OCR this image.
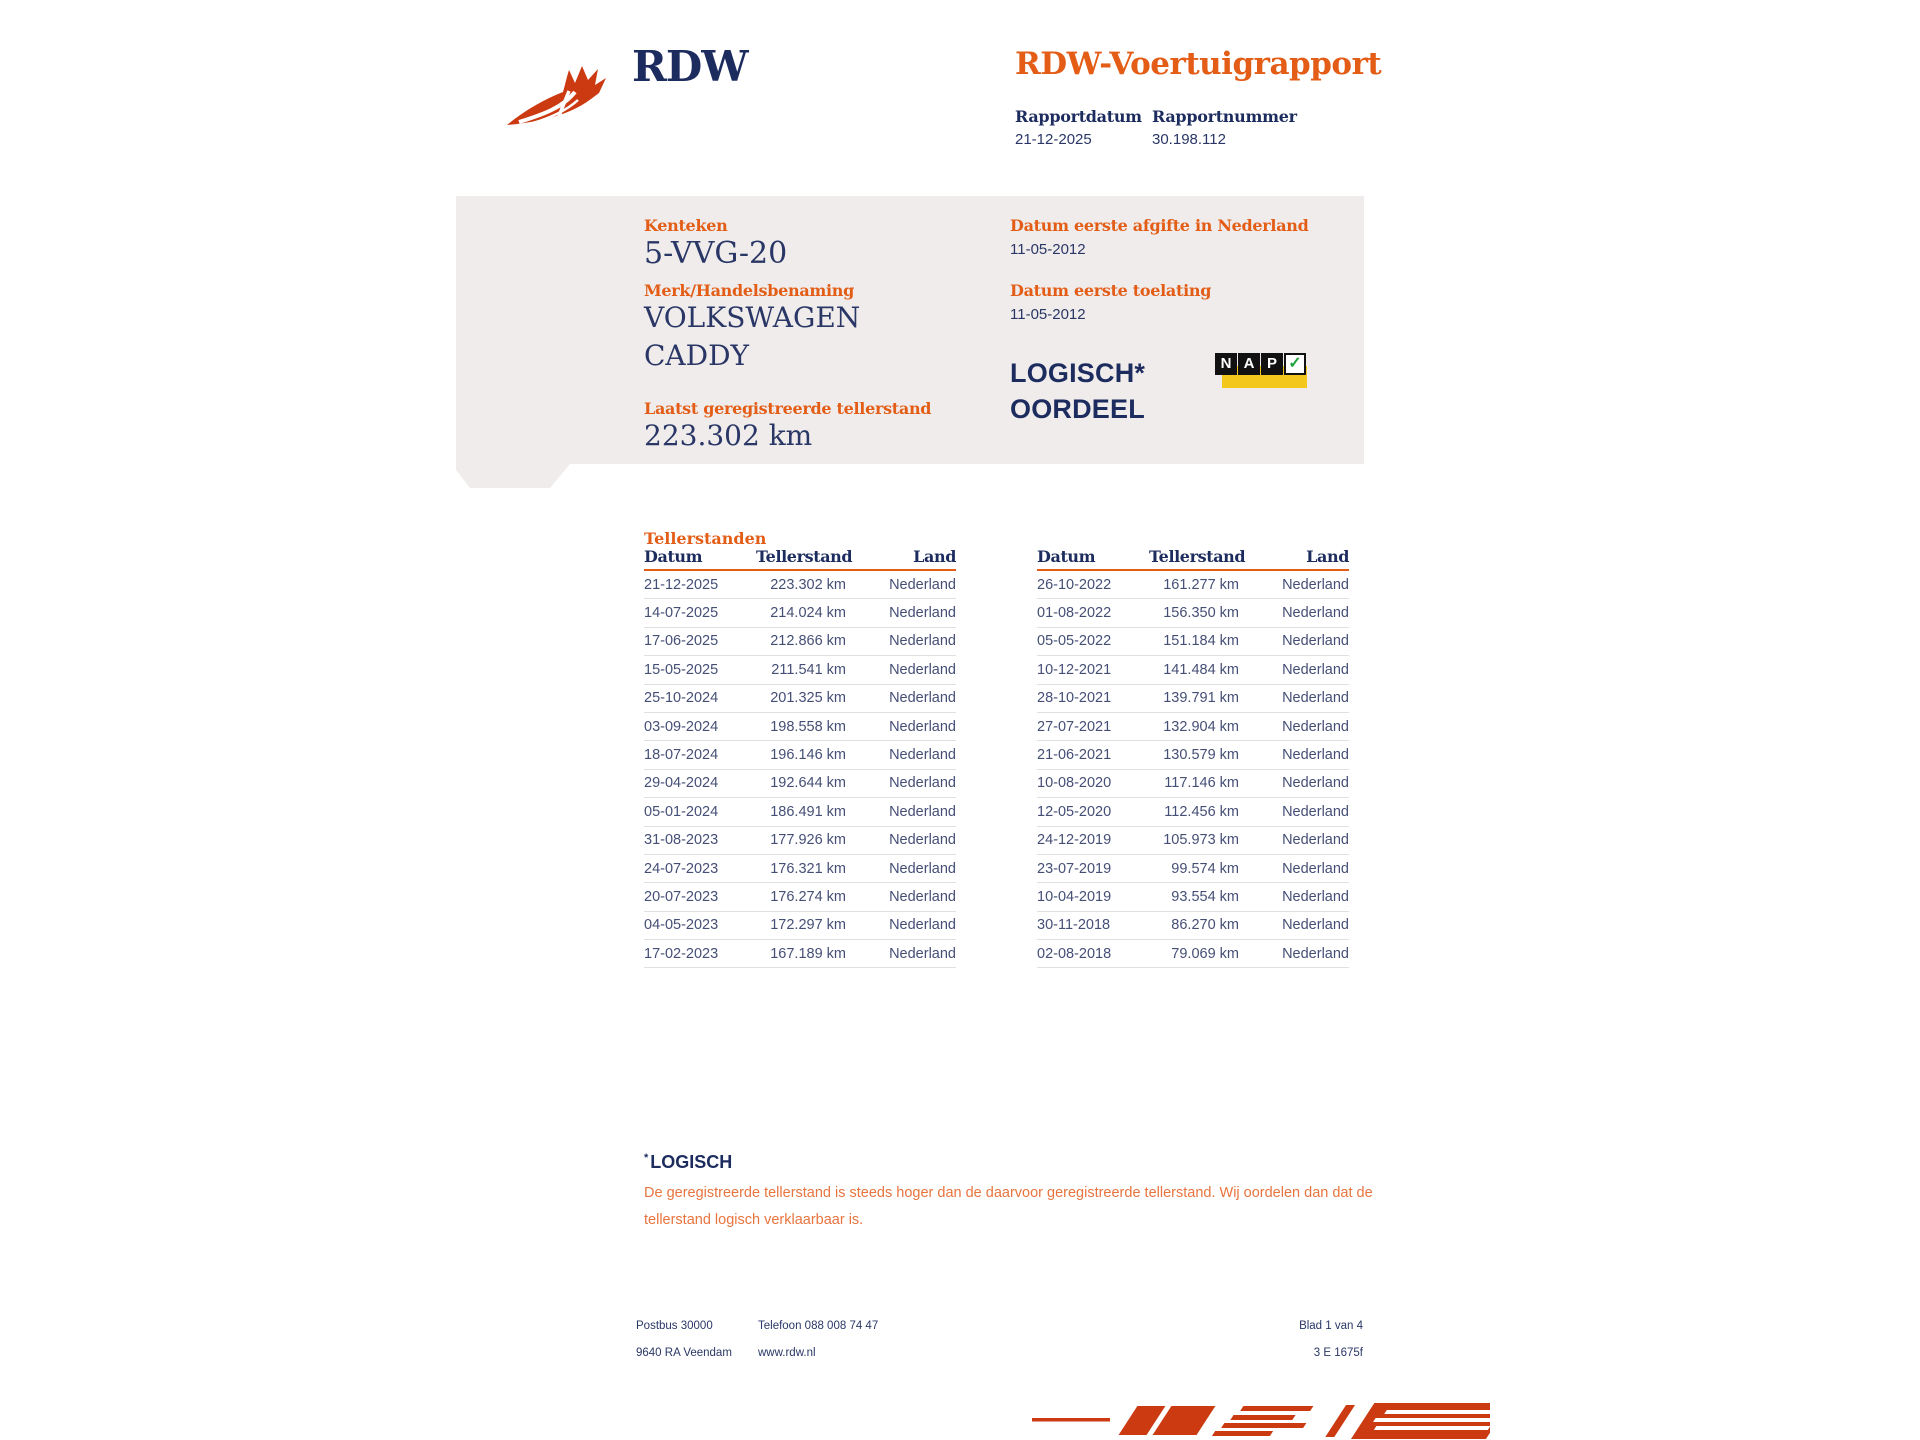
RDW	RDW-Voertuigrapport
Rapportdatum Rapportnummer
21-12-2025	30.198.112
Kenteken
5-VVG-20
Merk/Handelsbenaming
VOLKSWAGEN
CADDY
Datum eerste afgifte in Nederland
11-05-2012
Datum eerste toelating
11-05-2012
LOGISCH*
OORDEEL
N A P ✓
Laatst geregistreerde tellerstand
223.302 km
Tellerstanden
Datum	Tellerstand	Land
21-12-2025	223.302 km	Nederland
14-07-2025	214.024 km	Nederland
17-06-2025	212.866 km	Nederland
15-05-2025	211.541 km	Nederland
25-10-2024	201.325 km	Nederland
03-09-2024	198.558 km	Nederland
18-07-2024	196.146 km	Nederland
29-04-2024	192.644 km	Nederland
05-01-2024	186.491 km	Nederland
31-08-2023	177.926 km	Nederland
24-07-2023	176.321 km	Nederland
20-07-2023	176.274 km	Nederland
04-05-2023	172.297 km	Nederland
17-02-2023	167.189 km	Nederland
Datum	Tellerstand	Land
26-10-2022	161.277 km	Nederland
01-08-2022	156.350 km	Nederland
05-05-2022	151.184 km	Nederland
10-12-2021	141.484 km	Nederland
28-10-2021	139.791 km	Nederland
27-07-2021	132.904 km	Nederland
21-06-2021	130.579 km	Nederland
10-08-2020	117.146 km	Nederland
12-05-2020	112.456 km	Nederland
24-12-2019	105.973 km	Nederland
23-07-2019	99.574 km	Nederland
10-04-2019	93.554 km	Nederland
30-11-2018	86.270 km	Nederland
02-08-2018	79.069 km	Nederland
* LOGISCH
De geregistreerde tellerstand is steeds hoger dan de daarvoor geregistreerde tellerstand. Wij oordelen dan dat de tellerstand logisch verklaarbaar is.
Postbus 30000
9640 RA Veendam
Telefoon 088 008 74 47
www.rdw.nl
Blad 1 van 4
3 E 1675f
